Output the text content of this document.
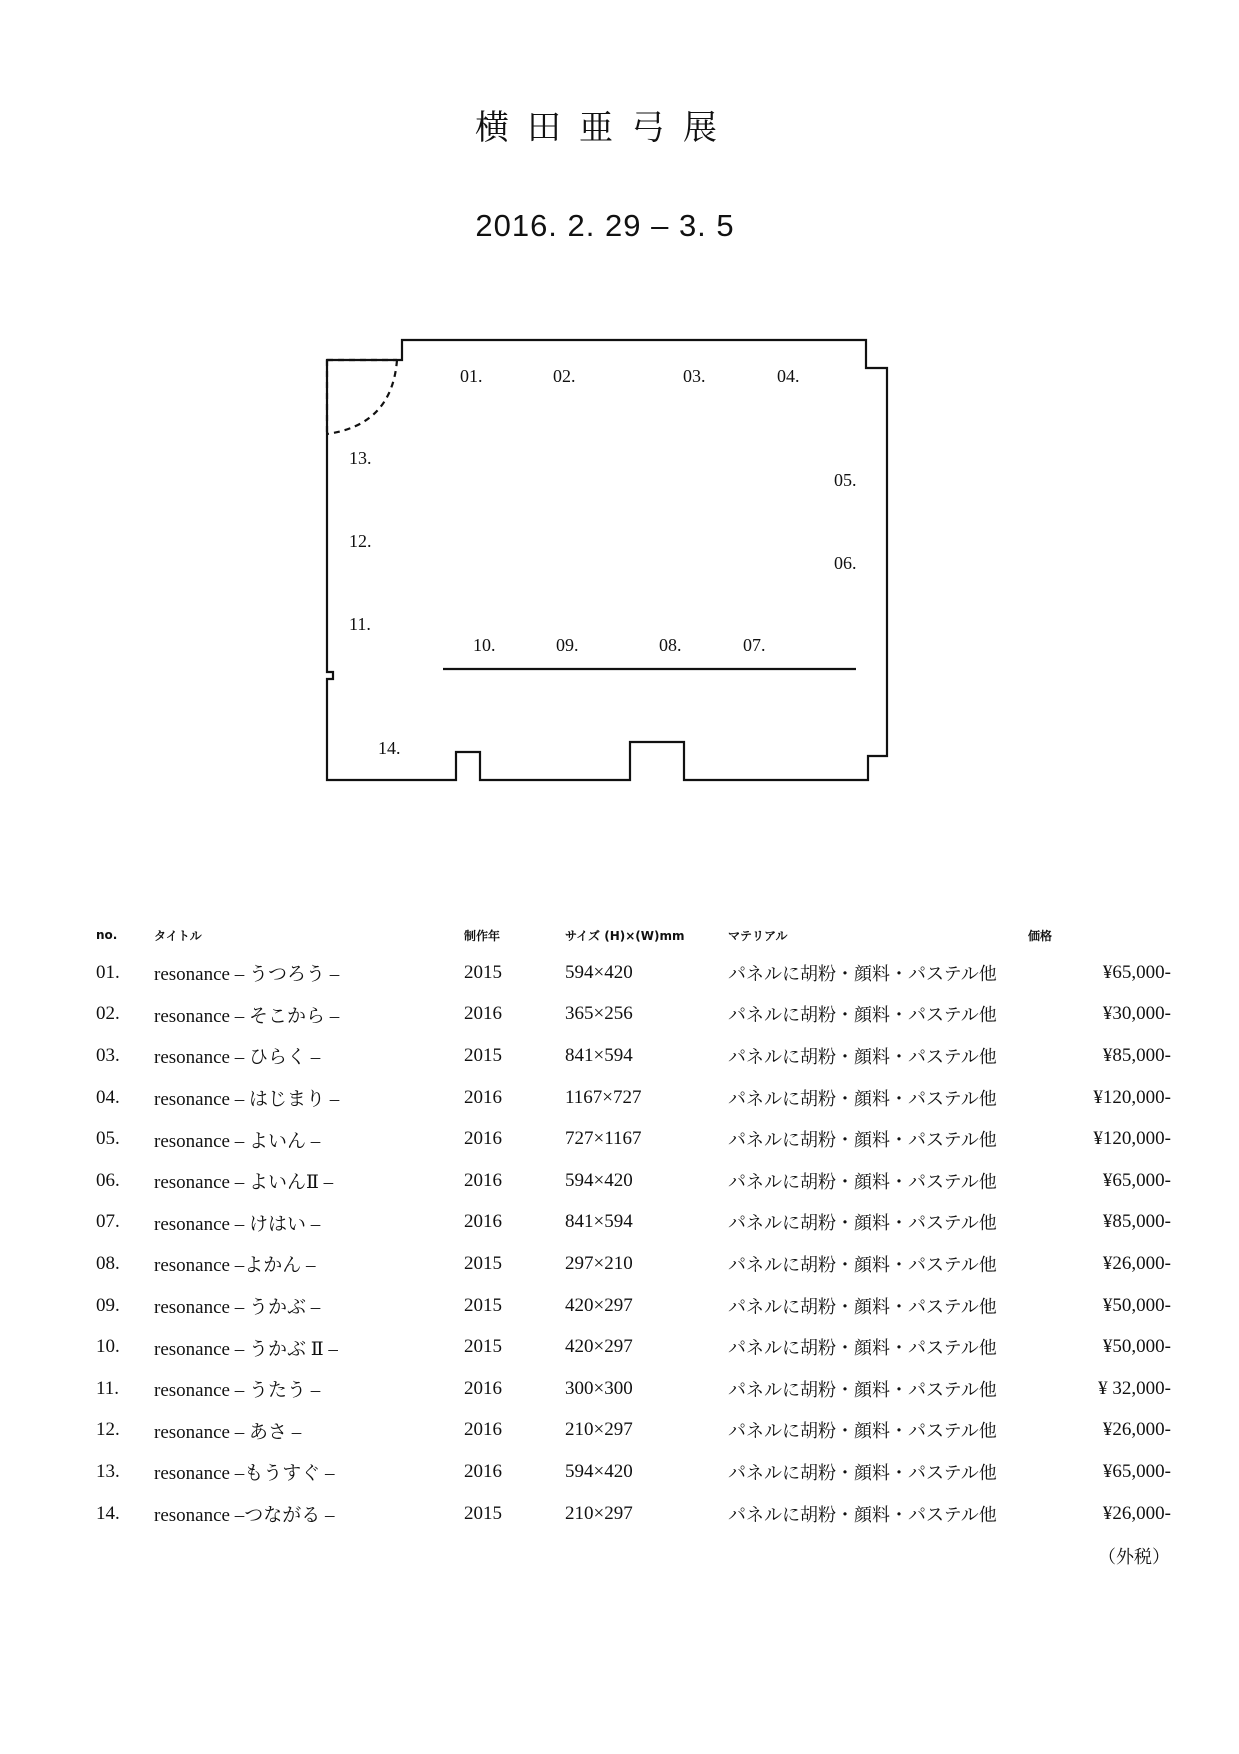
横田亜弓展
2016. 2. 29 – 3. 5
01.	02.	03.	04.
05.
06.
07.
08.
09.
10.
11.
12.
13.
14.
no.	タイトル	制作年	サイズ (H)×(W)mm	マテリアル	価格
01.	resonance – うつろう –	2015	594×420	パネルに胡粉・顔料・パステル他	¥65,000-
02.	resonance – そこから –	2016	365×256	パネルに胡粉・顔料・パステル他	¥30,000-
03.	resonance – ひらく –	2015	841×594	パネルに胡粉・顔料・パステル他	¥85,000-
04.	resonance – はじまり –	2016	1167×727	パネルに胡粉・顔料・パステル他	¥120,000-
05.	resonance – よいん –	2016	727×1167	パネルに胡粉・顔料・パステル他	¥120,000-
06.	resonance – よいんⅡ –	2016	594×420	パネルに胡粉・顔料・パステル他	¥65,000-
07.	resonance – けはい –	2016	841×594	パネルに胡粉・顔料・パステル他	¥85,000-
08.	resonance –よかん –	2015	297×210	パネルに胡粉・顔料・パステル他	¥26,000-
09.	resonance – うかぶ –	2015	420×297	パネルに胡粉・顔料・パステル他	¥50,000-
10.	resonance – うかぶ Ⅱ –	2015	420×297	パネルに胡粉・顔料・パステル他	¥50,000-
11.	resonance – うたう –	2016	300×300	パネルに胡粉・顔料・パステル他	¥ 32,000-
12.	resonance – あさ –	2016	210×297	パネルに胡粉・顔料・パステル他	¥26,000-
13.	resonance –もうすぐ –	2016	594×420	パネルに胡粉・顔料・パステル他	¥65,000-
14.	resonance –つながる –	2015	210×297	パネルに胡粉・顔料・パステル他	¥26,000-
（外税）
